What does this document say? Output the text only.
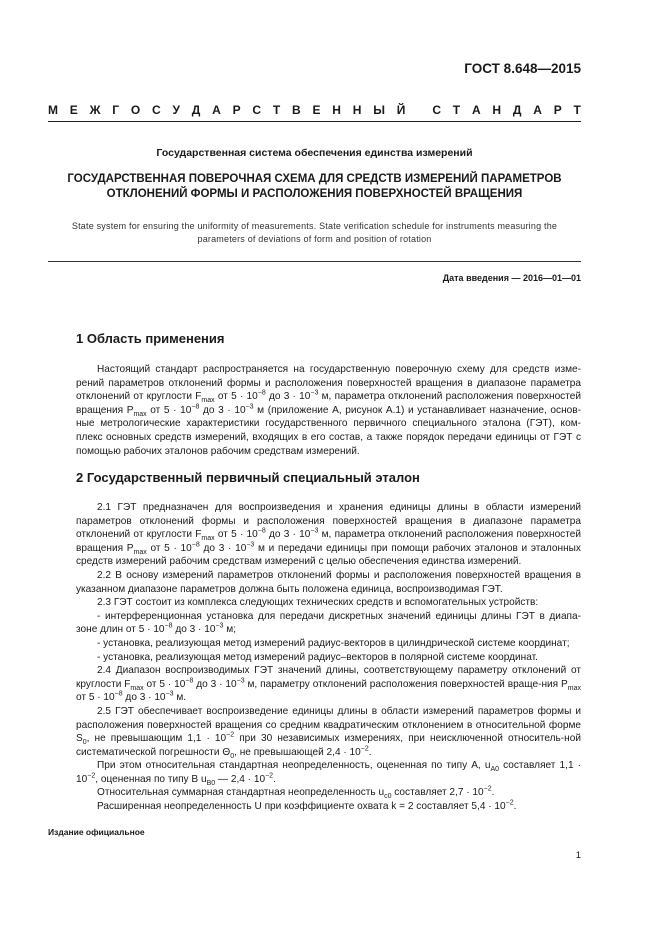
ГОСТ 8.648—2015
М Е Ж Г О С У Д А Р С Т В Е Н Н Ы Й
С Т А Н Д А Р Т
Государственная система обеспечения единства измерений
ГОСУДАРСТВЕННАЯ ПОВЕРОЧНАЯ СХЕМА ДЛЯ СРЕДСТВ ИЗМЕРЕНИЙ ПАРАМЕТРОВ
ОТКЛОНЕНИЙ ФОРМЫ И РАСПОЛОЖЕНИЯ ПОВЕРХНОСТЕЙ ВРАЩЕНИЯ
State system for ensuring the uniformity of measurements. State verification schedule for instruments measuring the
parameters of deviations of form and position of rotation
Дата введения — 2016—01—01
1 Область применения

Настоящий стандарт распространяется на государственную поверочную схему для средств изме-рений параметров отклонений формы и расположения поверхностей вращения в диапазоне параметра отклонений от круглости $F_{max}$ от $5 \cdot 10^{-8}$ до $3 \cdot 10^{-3}$ м, параметра отклонений расположения поверхностей вращения $P_{max}$ от $5 \cdot 10^{-8}$ до $3 \cdot 10^{-3}$ м (приложение А, рисунок А.1) и устанавливает назначение, основ-ные метрологические характеристики государственного первичного специального эталона (ГЭТ), ком-плекс основных средств измерений, входящих в его состав, а также порядок передачи единицы от ГЭТ с помощью рабочих эталонов рабочим средствам измерений.

2 Государственный первичный специальный эталон

2.1 ГЭТ предназначен для воспроизведения и хранения единицы длины в области измерений параметров отклонений формы и расположения поверхностей вращения в диапазоне параметра отклонений от круглости $F_{max}$ от $5 \cdot 10^{-8}$ до $3 \cdot 10^{-3}$ м, параметра отклонений расположения поверхностей вращения $P_{max}$ от $5 \cdot 10^{-8}$ до $3 \cdot 10^{-3}$ м и передачи единицы при помощи рабочих эталонов и эталонных средств измерений рабочим средствам измерений с целью обеспечения единства измерений.

2.2 В основу измерений параметров отклонений формы и расположения поверхностей вращения в указанном диапазоне параметров должна быть положена единица, воспроизводимая ГЭТ.

2.3 ГЭТ состоит из комплекса следующих технических средств и вспомогательных устройств:

- интерференционная установка для передачи дискретных значений единицы длины ГЭТ в диапа-зоне длин от $5 \cdot 10^{-8}$ до $3 \cdot 10^{-3}$ м;

- установка, реализующая метод измерений радиус-векторов в цилиндрической системе координат;

- установка, реализующая метод измерений радиус–векторов в полярной системе координат.

2.4 Диапазон воспроизводимых ГЭТ значений длины, соответствующему параметру отклонений от круглости $F_{max}$ от $5 \cdot 10^{-8}$ до $3 \cdot 10^{-3}$ м, параметру отклонений расположения поверхностей враще-ния $P_{max}$ от $5 \cdot 10^{-8}$ до $3 \cdot 10^{-3}$ м.

2.5 ГЭТ обеспечивает воспроизведение единицы длины в области измерений параметров формы и расположения поверхностей вращения со средним квадратическим отклонением в относительной форме $S_0$, не превышающим $1,1 \cdot 10^{-2}$ при 30 независимых измерениях, при неисключенной относитель-ной систематической погрешности $\Theta_0$, не превышающей $2,4 \cdot 10^{-2}$.

При этом относительная стандартная неопределенность, оцененная по типу А, $u_{A0}$ составляет $1,1 \cdot 10^{-2}$, оцененная по типу В $u_{B0}$ — $2,4 \cdot 10^{-2}$.

Относительная суммарная стандартная неопределенность $u_{c0}$ составляет $2,7 \cdot 10^{-2}$.

Расширенная неопределенность U при коэффициенте охвата k = 2 составляет $5,4 \cdot 10^{-2}$.

Издание официальное
1
